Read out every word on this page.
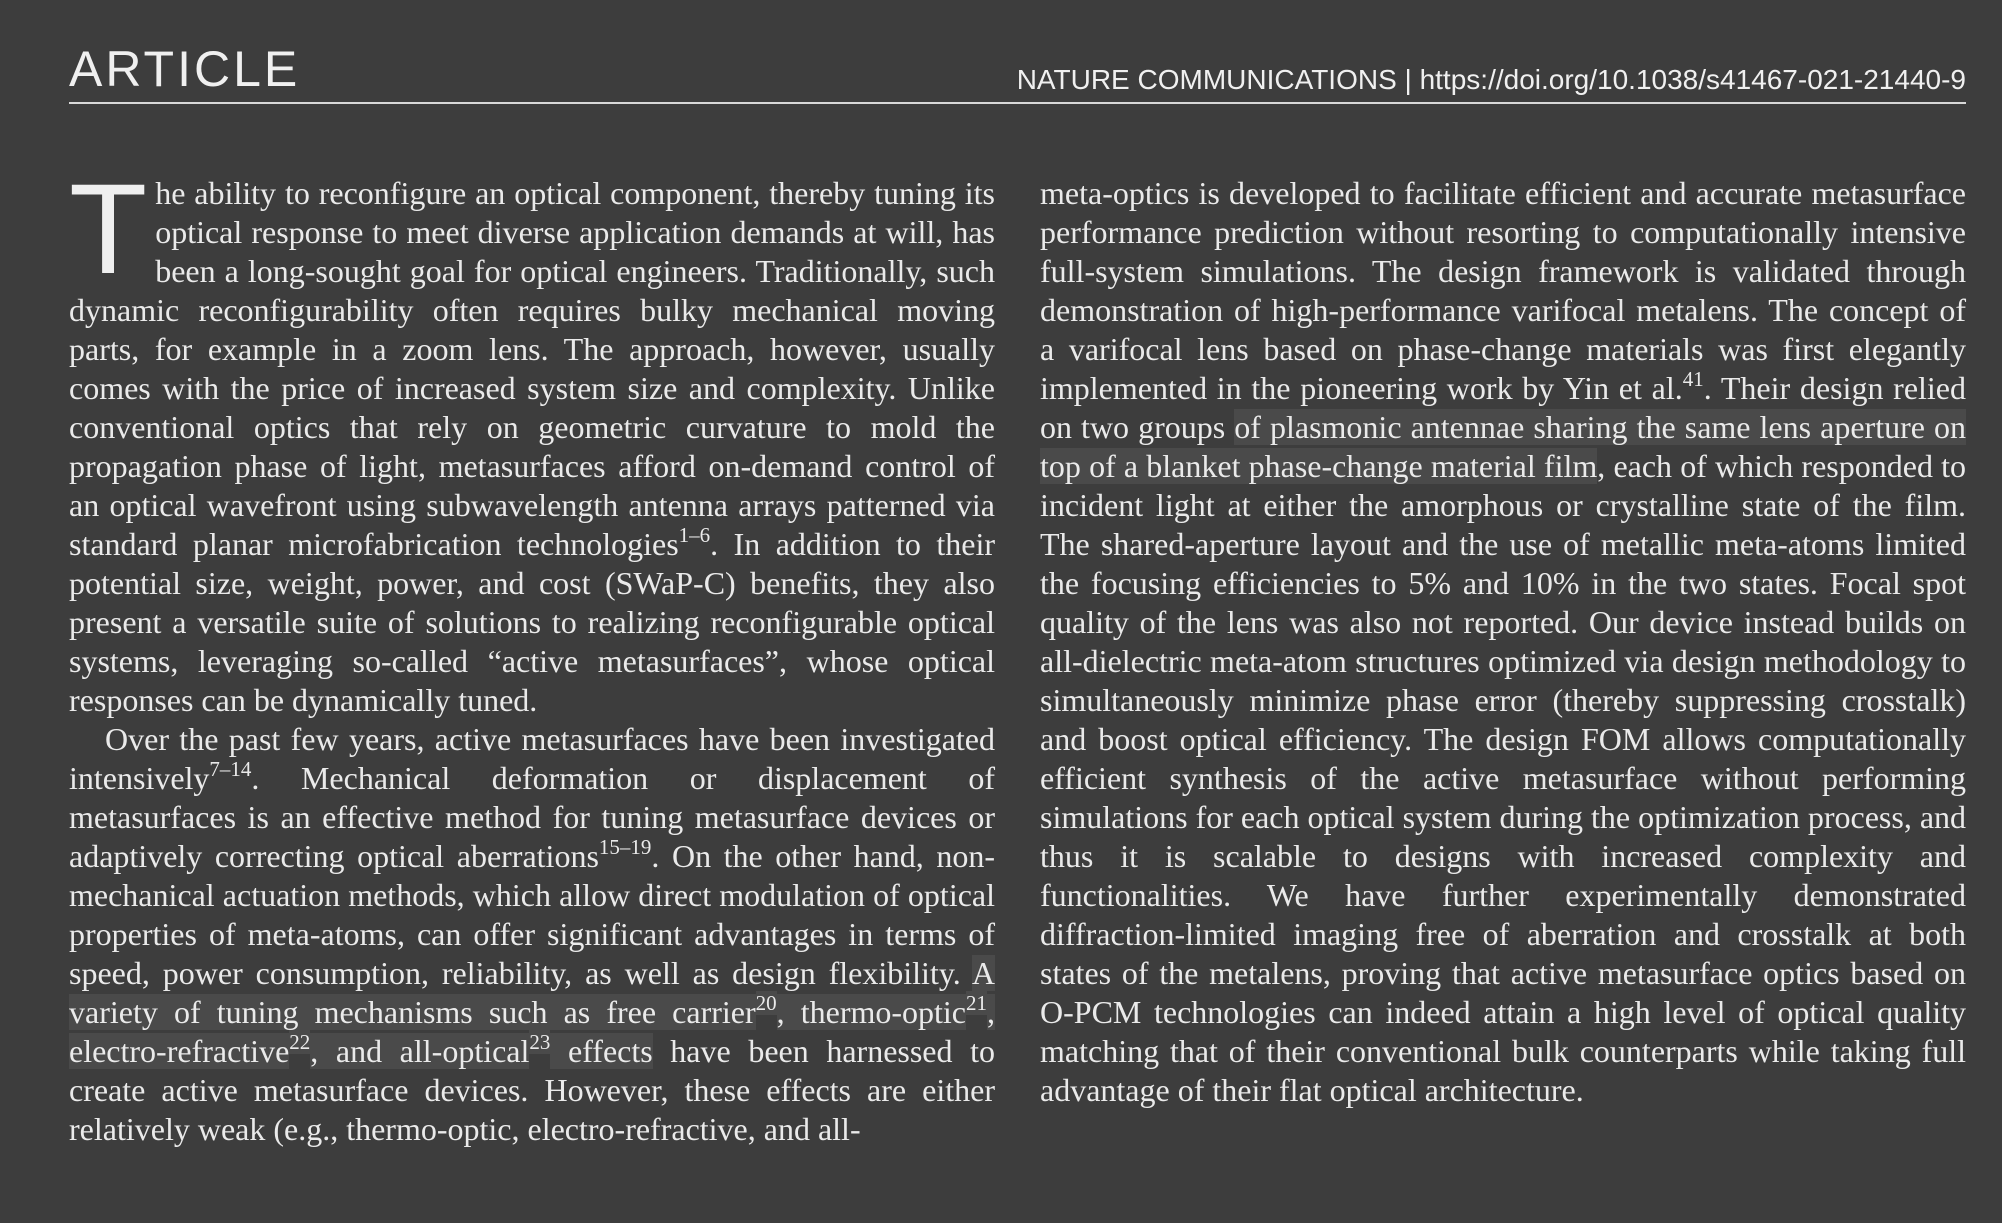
ARTICLE	NATURE COMMUNICATIONS | https://doi.org/10.1038/s41467-021-21440-9

The ability to reconfigure an optical component, thereby tuning its optical response to meet diverse application demands at will, has been a long-sought goal for optical engineers. Traditionally, such dynamic reconfigurability often requires bulky mechanical moving parts, for example in a zoom lens. The approach, however, usually comes with the price of increased system size and complexity. Unlike conventional optics that rely on geometric curvature to mold the propagation phase of light, metasurfaces afford on-demand control of an optical wavefront using subwavelength antenna arrays patterned via standard planar microfabrication technologies$^{1-6}$. In addition to their potential size, weight, power, and cost (SWaP-C) benefits, they also present a versatile suite of solutions to realizing reconfigurable optical systems, leveraging so-called “active metasurfaces”, whose optical responses can be dynamically tuned.

Over the past few years, active metasurfaces have been investigated intensively$^{7-14}$. Mechanical deformation or displacement of metasurfaces is an effective method for tuning metasurface devices or adaptively correcting optical aberrations$^{15-19}$. On the other hand, non-mechanical actuation methods, which allow direct modulation of optical properties of meta-atoms, can offer significant advantages in terms of speed, power consumption, reliability, as well as design flexibility. A variety of tuning mechanisms such as free carrier$^{20}$, thermo-optic$^{21}$, electro-refractive$^{22}$, and all-optical$^{23}$ effects have been harnessed to create active metasurface devices. However, these effects are either relatively weak (e.g., thermo-optic, electro-refractive, and all-

meta-optics is developed to facilitate efficient and accurate metasurface performance prediction without resorting to computationally intensive full-system simulations. The design framework is validated through demonstration of high-performance varifocal metalens. The concept of a varifocal lens based on phase-change materials was first elegantly implemented in the pioneering work by Yin et al.$^{41}$. Their design relied on two groups of plasmonic antennae sharing the same lens aperture on top of a blanket phase-change material film, each of which responded to incident light at either the amorphous or crystalline state of the film. The shared-aperture layout and the use of metallic meta-atoms limited the focusing efficiencies to 5% and 10% in the two states. Focal spot quality of the lens was also not reported. Our device instead builds on all-dielectric meta-atom structures optimized via design methodology to simultaneously minimize phase error (thereby suppressing crosstalk) and boost optical efficiency. The design FOM allows computationally efficient synthesis of the active metasurface without performing simulations for each optical system during the optimization process, and thus it is scalable to designs with increased complexity and functionalities. We have further experimentally demonstrated diffraction-limited imaging free of aberration and crosstalk at both states of the metalens, proving that active metasurface optics based on O-PCM technologies can indeed attain a high level of optical quality matching that of their conventional bulk counterparts while taking full advantage of their flat optical architecture.
